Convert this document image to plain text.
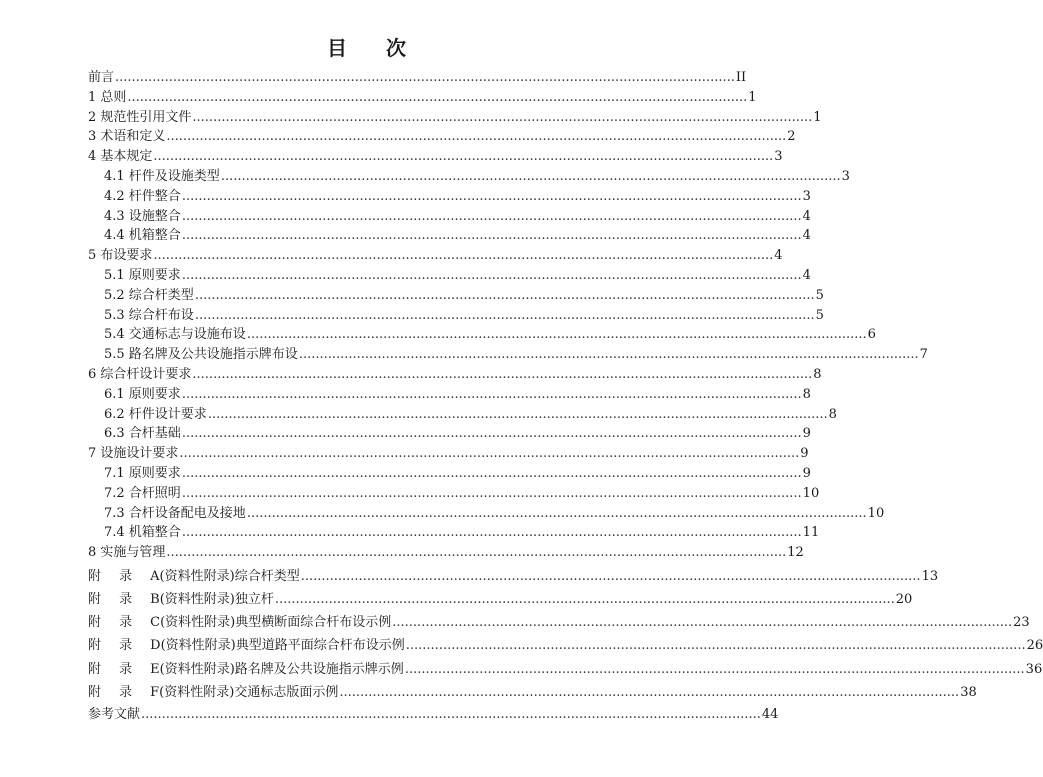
目 次
前言 ...................................................................................................................................................... II
1 总则 ...................................................................................................................................................... 1
2 规范性引用文件 ...................................................................................................................................................... 1
3 术语和定义 ...................................................................................................................................................... 2
4 基本规定 ...................................................................................................................................................... 3
4.1 杆件及设施类型 ...................................................................................................................................................... 3
4.2 杆件整合 ...................................................................................................................................................... 3
4.3 设施整合 ...................................................................................................................................................... 4
4.4 机箱整合 ...................................................................................................................................................... 4
5 布设要求 ...................................................................................................................................................... 4
5.1 原则要求 ...................................................................................................................................................... 4
5.2 综合杆类型 ...................................................................................................................................................... 5
5.3 综合杆布设 ...................................................................................................................................................... 5
5.4 交通标志与设施布设 ...................................................................................................................................................... 6
5.5 路名牌及公共设施指示牌布设 ...................................................................................................................................................... 7
6 综合杆设计要求 ...................................................................................................................................................... 8
6.1 原则要求 ...................................................................................................................................................... 8
6.2 杆件设计要求 ...................................................................................................................................................... 8
6.3 合杆基础 ...................................................................................................................................................... 9
7 设施设计要求 ...................................................................................................................................................... 9
7.1 原则要求 ...................................................................................................................................................... 9
7.2 合杆照明 ...................................................................................................................................................... 10
7.3 合杆设备配电及接地 ...................................................................................................................................................... 10
7.4 机箱整合 ...................................................................................................................................................... 11
8 实施与管理 ...................................................................................................................................................... 12
附 录 A (资料性附录) 综合杆类型 ...................................................................................................................................................... 13
附 录 B (资料性附录) 独立杆 ...................................................................................................................................................... 20
附 录 C (资料性附录) 典型横断面综合杆布设示例 ...................................................................................................................................................... 23
附 录 D (资料性附录) 典型道路平面综合杆布设示例 ...................................................................................................................................................... 26
附 录 E (资料性附录) 路名牌及公共设施指示牌示例 ...................................................................................................................................................... 36
附 录 F (资料性附录) 交通标志版面示例 ...................................................................................................................................................... 38
参考文献 ...................................................................................................................................................... 44
